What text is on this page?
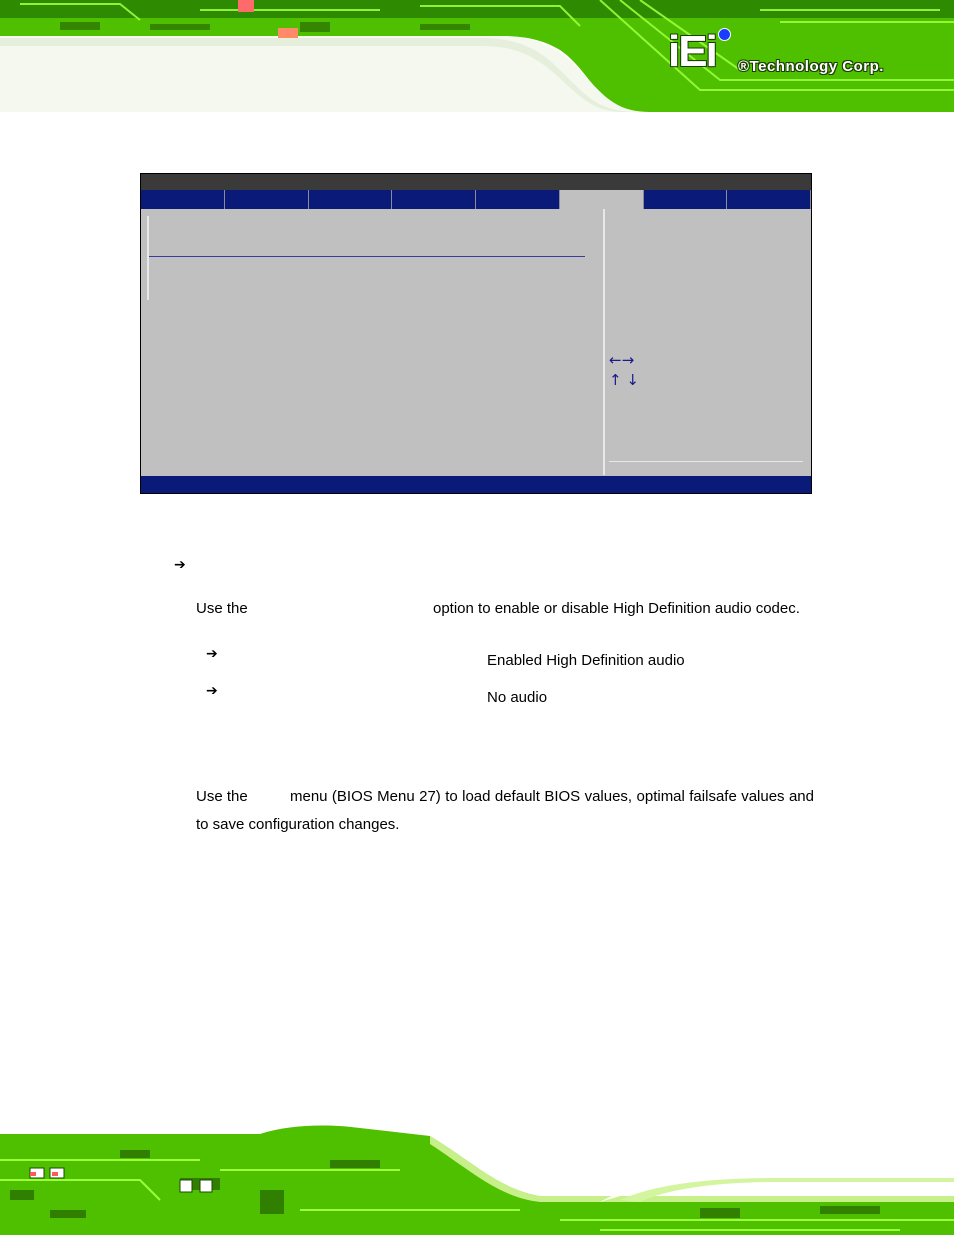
iEi ®Technology Corp.
←→
↑ ↓
➔
Use the	option to enable or disable High Definition audio codec.
➔	Enabled High Definition audio
➔	No audio
Use the	menu (BIOS Menu 27) to load default BIOS values, optimal failsafe values and to save configuration changes.
